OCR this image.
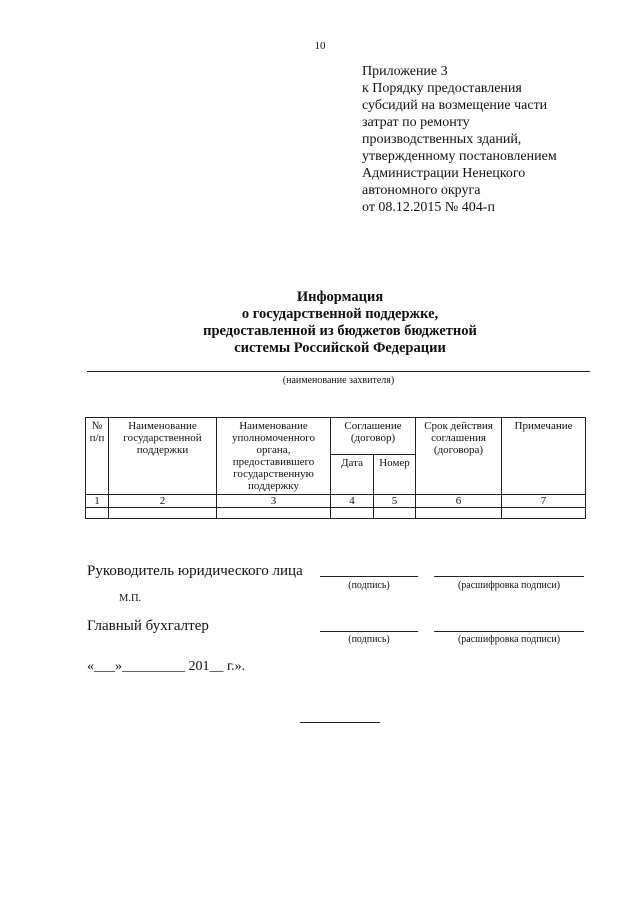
10
Приложение 3
к Порядку предоставления
субсидий на возмещение части
затрат по ремонту
производственных зданий,
утвержденному постановлением
Администрации Ненецкого
автономного округа
от 08.12.2015 № 404-п
Информация
о государственной поддержке,
предоставленной из бюджетов бюджетной
системы Российской Федерации
(наименование захвителя)
№ п/п	Наименование государственной поддержки	Наименование уполномоченного органа, предоставившего государственную поддержку	Соглашение (договор)		Срок действия соглашения (договора)	Примечание
			Дата	Номер		
1	2	3	4	5	6	7

Руководитель юридического лица
(подпись)	(расшифровка подписи)
М.П.
Главный бухгалтер
(подпись)	(расшифровка подписи)
«___»_________ 201__ г.».
